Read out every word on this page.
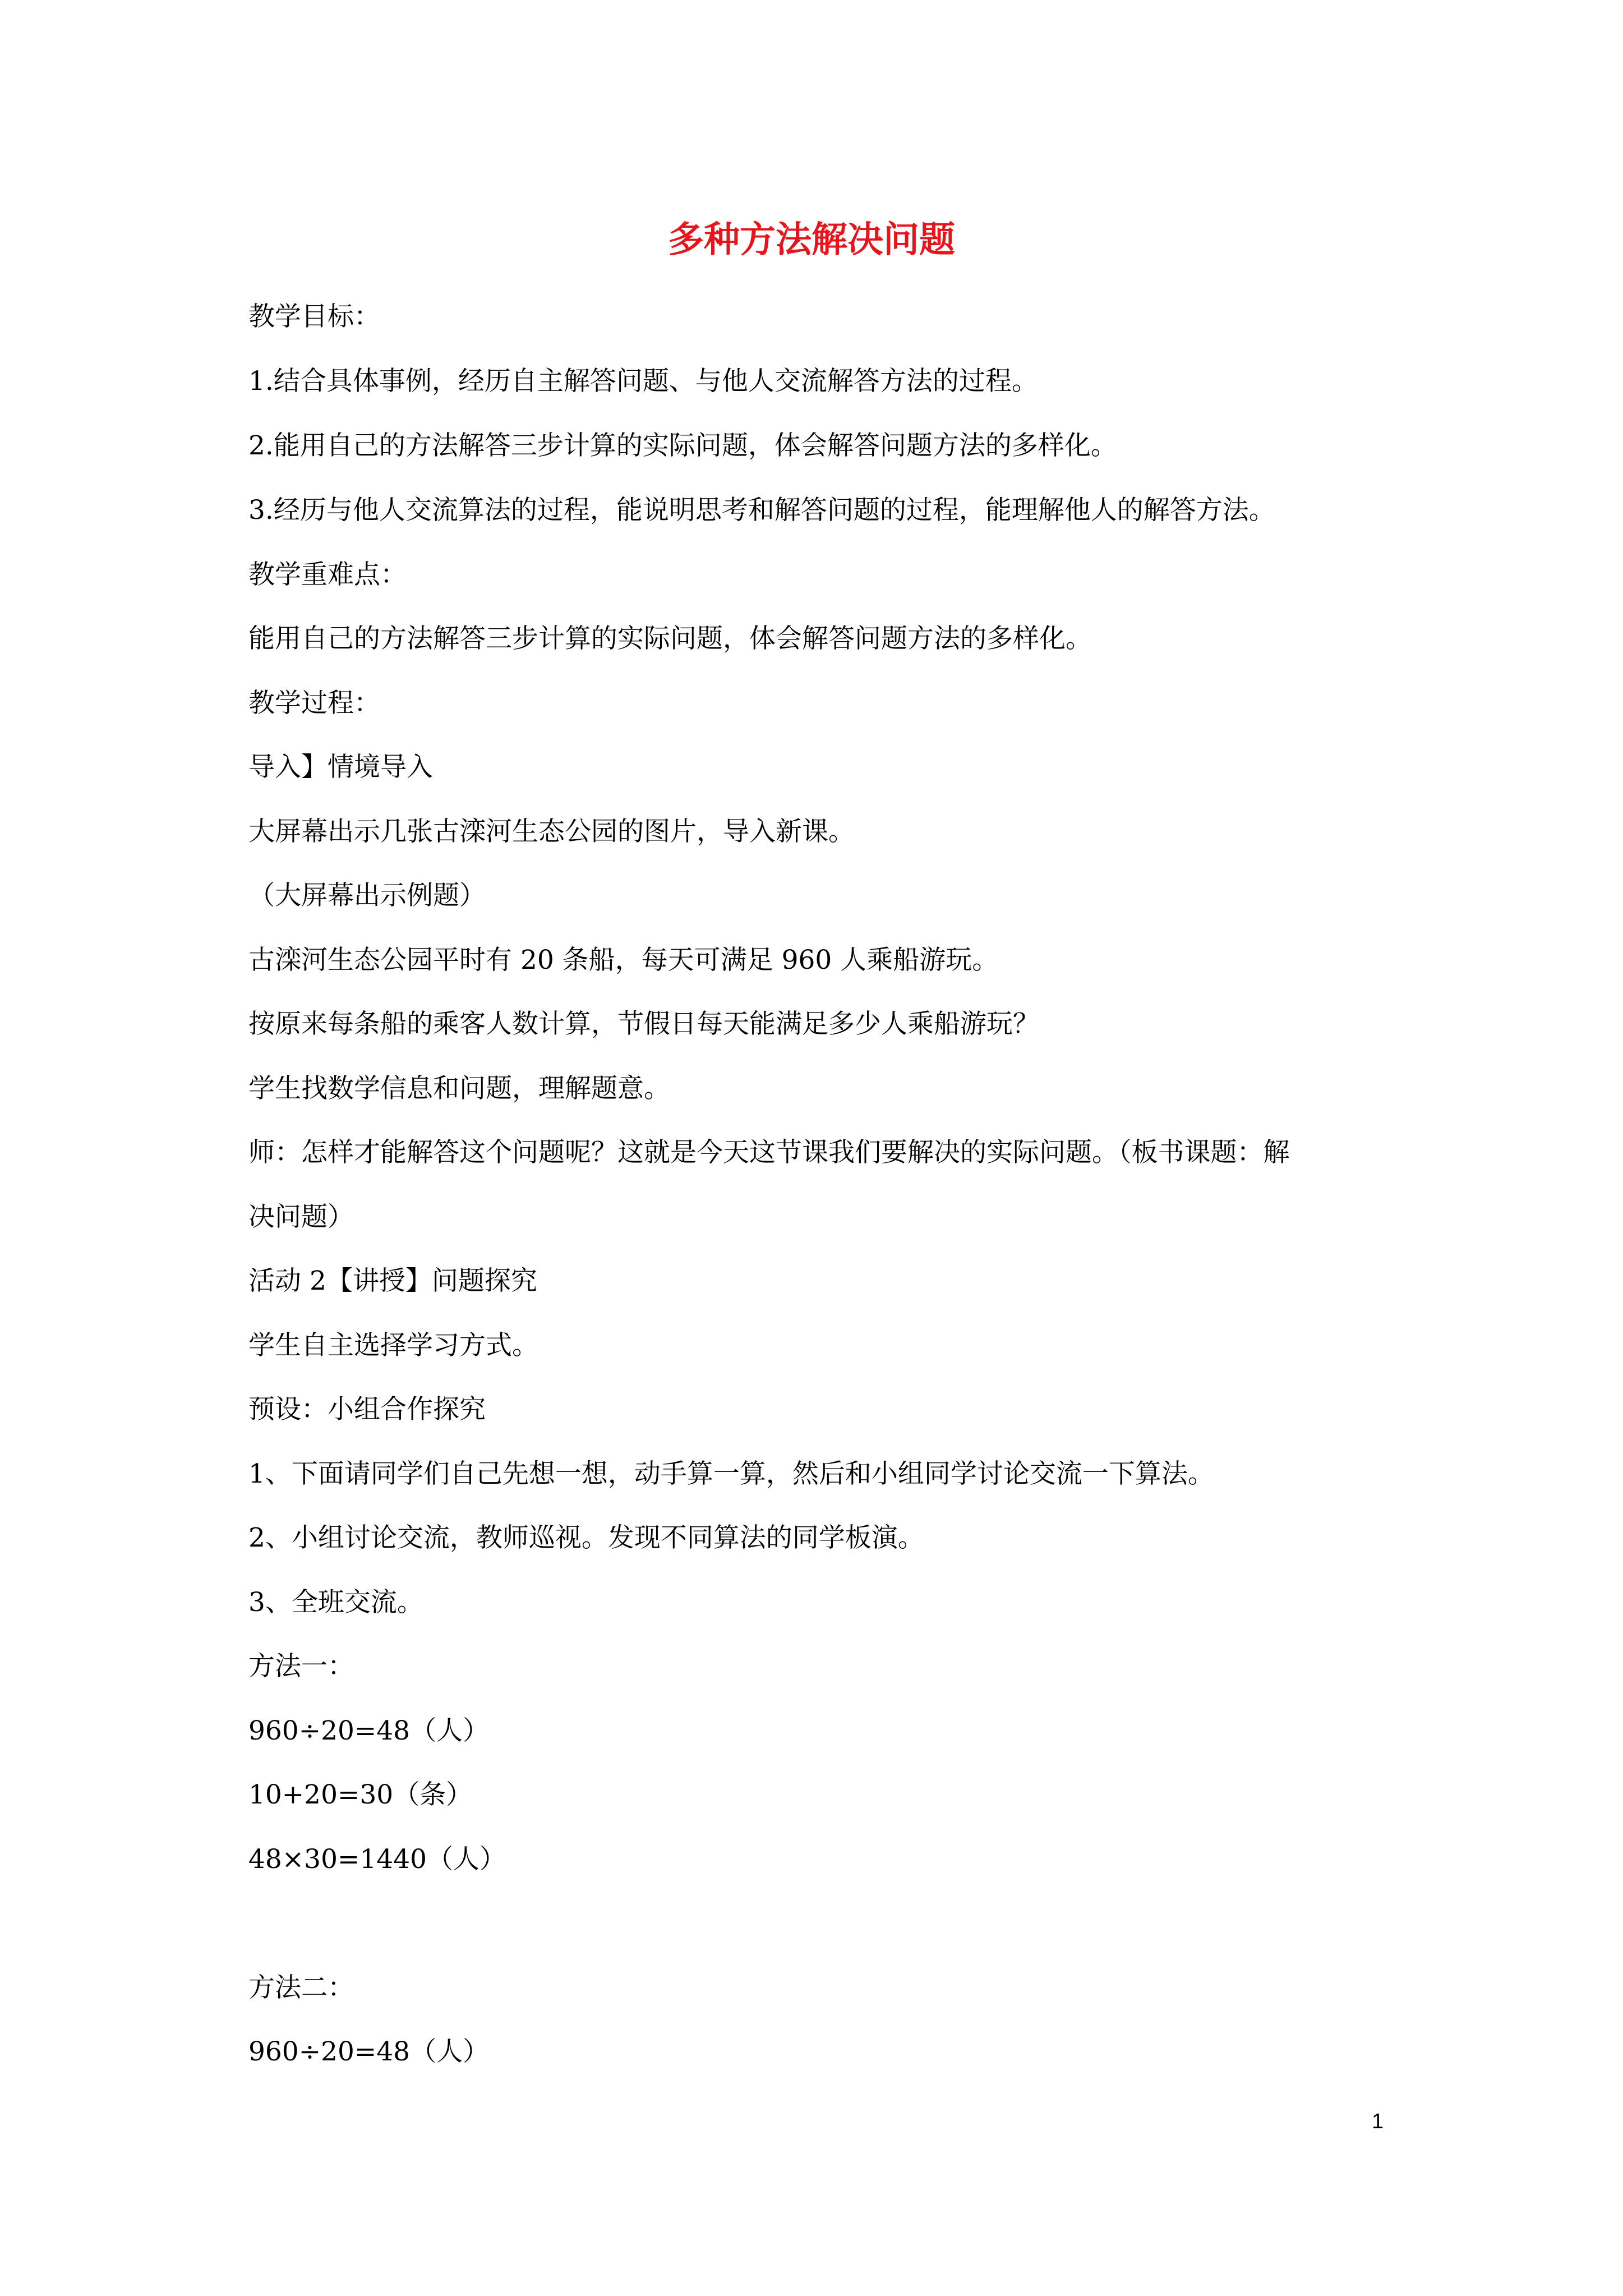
多种方法解决问题
教学目标：
1.结合具体事例，经历自主解答问题、与他人交流解答方法的过程。
2.能用自己的方法解答三步计算的实际问题，体会解答问题方法的多样化。
3.经历与他人交流算法的过程，能说明思考和解答问题的过程，能理解他人的解答方法。
教学重难点：
能用自己的方法解答三步计算的实际问题，体会解答问题方法的多样化。
教学过程：
导入】情境导入
大屏幕出示几张古滦河生态公园的图片，导入新课。
（大屏幕出示例题）
古滦河生态公园平时有 20 条船，每天可满足 960 人乘船游玩。
按原来每条船的乘客人数计算，节假日每天能满足多少人乘船游玩？
学生找数学信息和问题，理解题意。
师：怎样才能解答这个问题呢？这就是今天这节课我们要解决的实际问题。（板书课题：解
决问题）
活动 2【讲授】问题探究
学生自主选择学习方式。
预设：小组合作探究
1、下面请同学们自己先想一想，动手算一算，然后和小组同学讨论交流一下算法。
2、小组讨论交流，教师巡视。发现不同算法的同学板演。
3、全班交流。
方法一：
960÷20=48（人）
10+20=30（条）
48×30=1440（人）
方法二：
960÷20=48（人）
1
